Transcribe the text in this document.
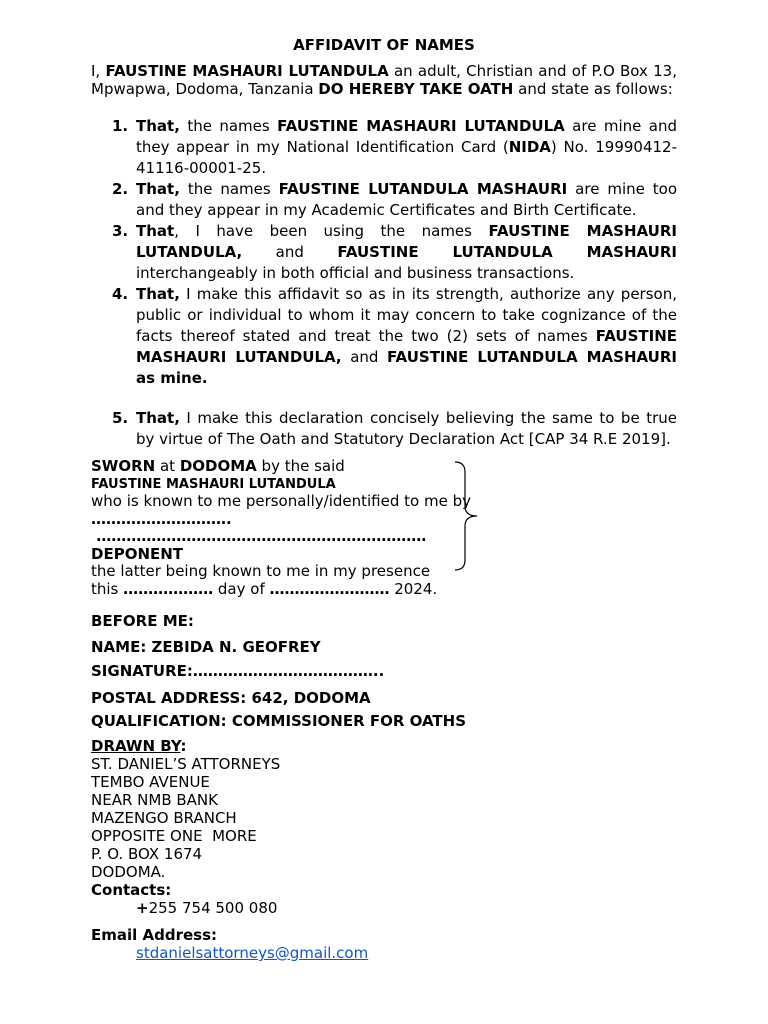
AFFIDAVIT OF NAMES
I, FAUSTINE MASHAURI LUTANDULA an adult, Christian and of P.O Box 13, Mpwapwa, Dodoma, Tanzania DO HEREBY TAKE OATH and state as follows:
1. That, the names FAUSTINE MASHAURI LUTANDULA are mine and they appear in my National Identification Card (NIDA) No. 19990412-41116-00001-25.
2. That, the names FAUSTINE LUTANDULA MASHAURI are mine too and they appear in my Academic Certificates and Birth Certificate.
3. That, I have been using the names FAUSTINE MASHAURI LUTANDULA, and FAUSTINE LUTANDULA MASHAURI interchangeably in both official and business transactions.
4. That, I make this affidavit so as in its strength, authorize any person, public or individual to whom it may concern to take cognizance of the facts thereof stated and treat the two (2) sets of names FAUSTINE MASHAURI LUTANDULA, and FAUSTINE LUTANDULA MASHAURI as mine.
5. That, I make this declaration concisely believing the same to be true by virtue of The Oath and Statutory Declaration Act [CAP 34 R.E 2019].
SWORN at DODOMA by the said
FAUSTINE MASHAURI LUTANDULA
who is known to me personally/identified to me by
……………………….
…………………………………………………………
DEPONENT
the latter being known to me in my presence
this ……………… day of …………………… 2024.
BEFORE ME:
NAME: ZEBIDA N. GEOFREY
SIGNATURE:………………………………..
POSTAL ADDRESS: 642, DODOMA
QUALIFICATION: COMMISSIONER FOR OATHS
DRAWN BY:
ST. DANIEL’S ATTORNEYS
TEMBO AVENUE
NEAR NMB BANK
MAZENGO BRANCH
OPPOSITE ONE  MORE
P. O. BOX 1674
DODOMA.
Contacts:
+255 754 500 080
Email Address:
stdanielsattorneys@gmail.com
